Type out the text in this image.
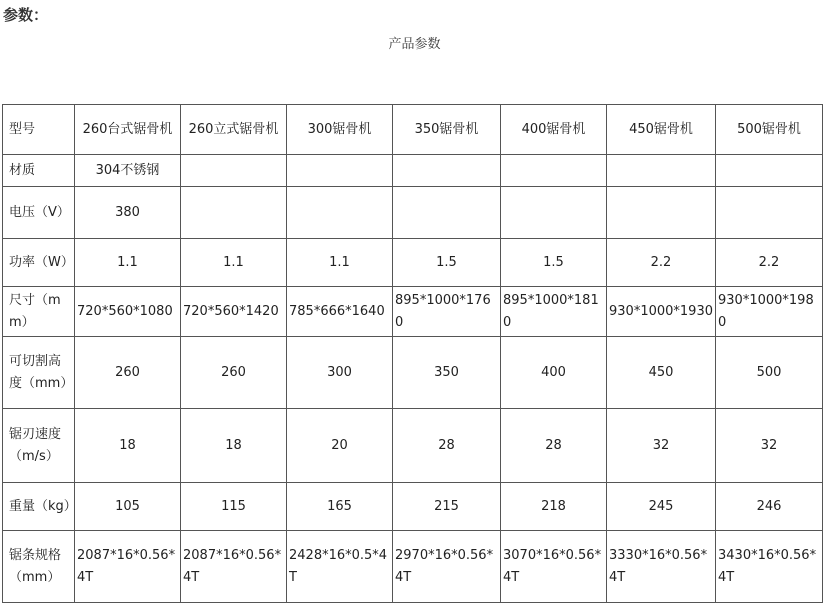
参数：
产品参数
型号	260台式锯骨机	260立式锯骨机	300锯骨机	350锯骨机	400锯骨机	450锯骨机	500锯骨机
材质	304不锈钢						
电压（V）	380						
功率（W）	1.1	1.1	1.1	1.5	1.5	2.2	2.2
尺寸（mm）	720*560*1080	720*560*1420	785*666*1640	895*1000*1760	895*1000*1810	930*1000*1930	930*1000*1980
可切割高度（mm）	260	260	300	350	400	450	500
锯刃速度（m/s）	18	18	20	28	28	32	32
重量（kg）	105	115	165	215	218	245	246
锯条规格（mm）	2087*16*0.56*4T	2087*16*0.56*4T	2428*16*0.5*4T	2970*16*0.56*4T	3070*16*0.56*4T	3330*16*0.56*4T	3430*16*0.56*4T
